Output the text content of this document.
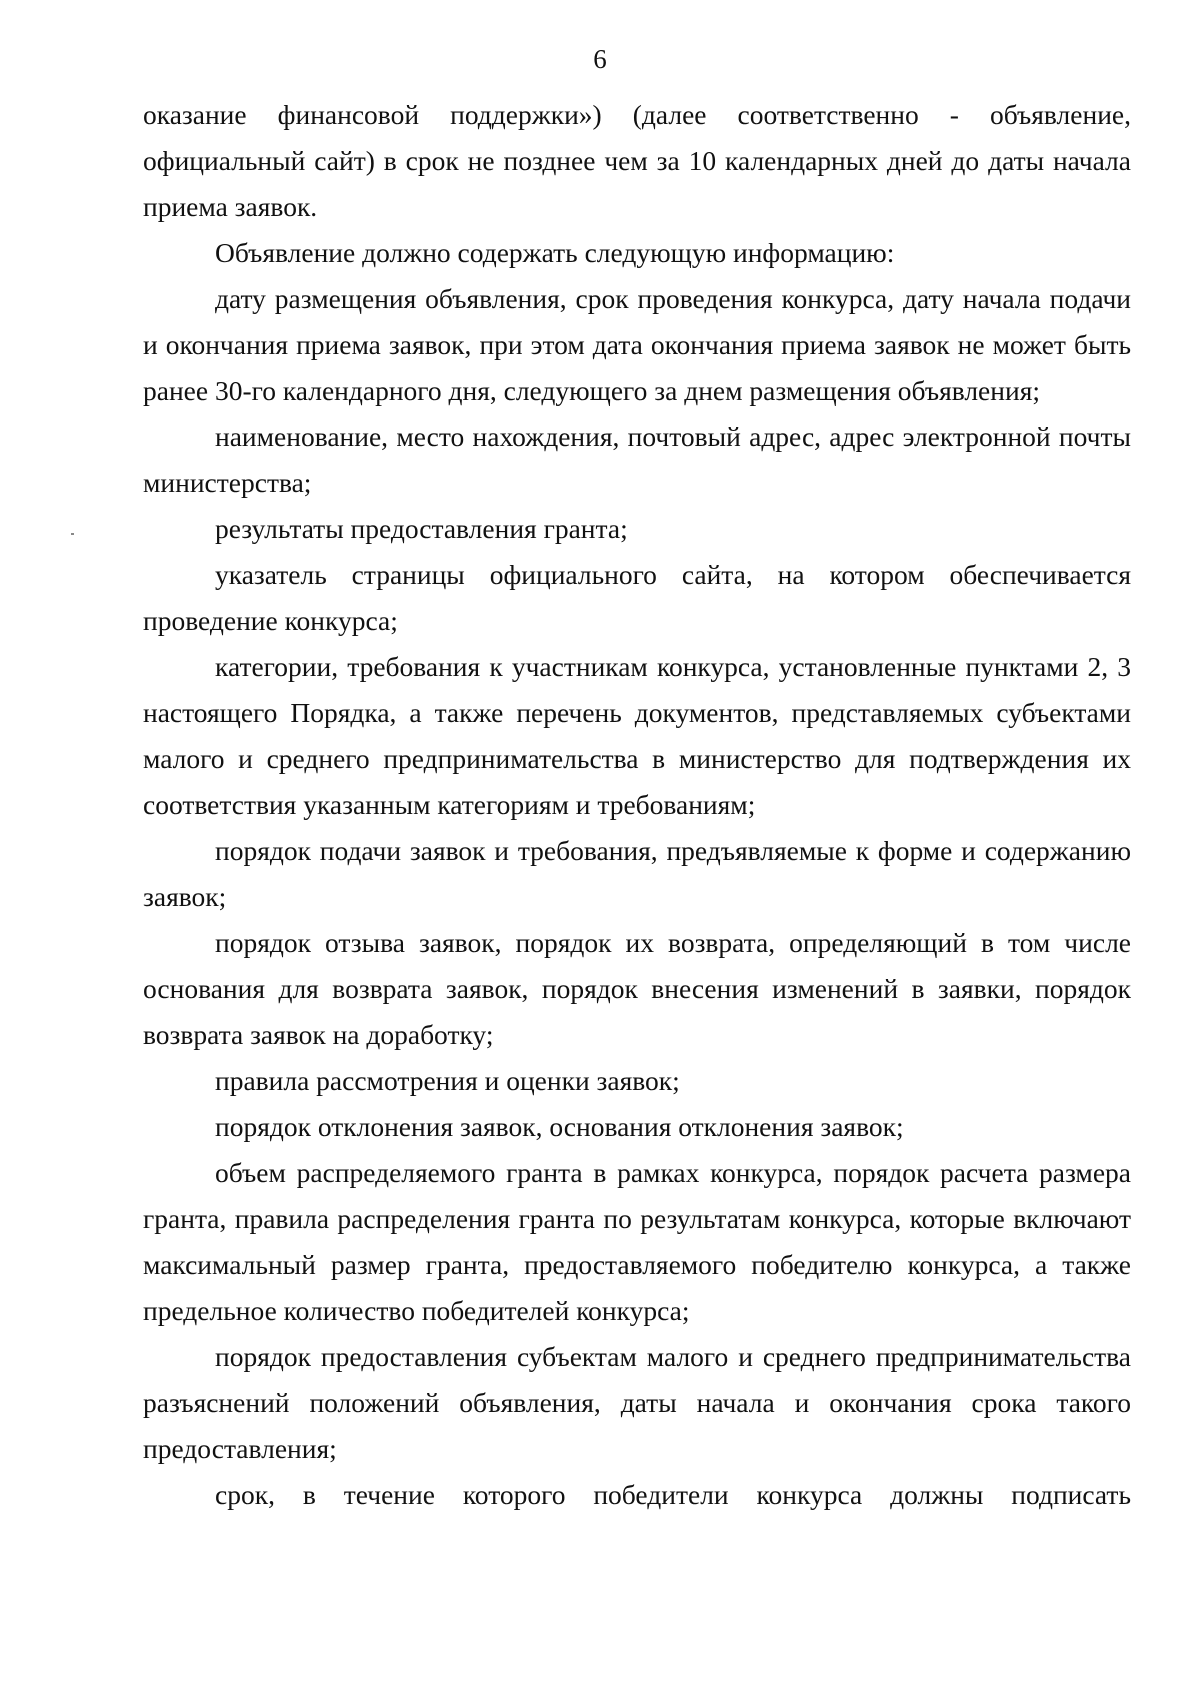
6

оказание финансовой поддержки») (далее соответственно - объявление, официальный сайт) в срок не позднее чем за 10 календарных дней до даты начала приема заявок.

Объявление должно содержать следующую информацию:

дату размещения объявления, срок проведения конкурса, дату начала подачи и окончания приема заявок, при этом дата окончания приема заявок не может быть ранее 30-го календарного дня, следующего за днем размещения объявления;

наименование, место нахождения, почтовый адрес, адрес электронной почты министерства;

результаты предоставления гранта;

указатель страницы официального сайта, на котором обеспечивается проведение конкурса;

категории, требования к участникам конкурса, установленные пунктами 2, 3 настоящего Порядка, а также перечень документов, представляемых субъектами малого и среднего предпринимательства в министерство для подтверждения их соответствия указанным категориям и требованиям;

порядок подачи заявок и требования, предъявляемые к форме и содержанию заявок;

порядок отзыва заявок, порядок их возврата, определяющий в том числе основания для возврата заявок, порядок внесения изменений в заявки, порядок возврата заявок на доработку;

правила рассмотрения и оценки заявок;

порядок отклонения заявок, основания отклонения заявок;

объем распределяемого гранта в рамках конкурса, порядок расчета размера гранта, правила распределения гранта по результатам конкурса, которые включают максимальный размер гранта, предоставляемого победителю конкурса, а также предельное количество победителей конкурса;

порядок предоставления субъектам малого и среднего предпринимательства разъяснений положений объявления, даты начала и окончания срока такого предоставления;

срок, в течение которого победители конкурса должны подписать
